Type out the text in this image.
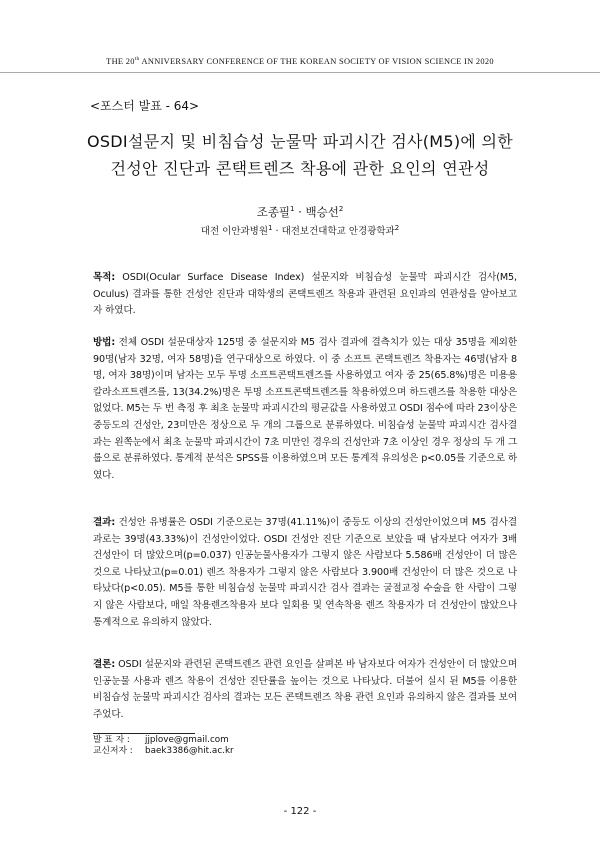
THE 20th ANNIVERSARY CONFERENCE OF THE KOREAN SOCIETY OF VISION SCIENCE IN 2020
<포스터 발표 - 64>
OSDI설문지 및 비침습성 눈물막 파괴시간 검사(M5)에 의한
건성안 진단과 콘택트렌즈 착용에 관한 요인의 연관성
조종필$^1$ · 백승선$^2$
대전 이안과병원$^1$ · 대전보건대학교 안경광학과$^2$

목적: OSDI(Ocular Surface Disease Index) 설문지와 비침습성 눈물막 파괴시간 검사(M5, Oculus) 결과를 통한 건성안 진단과 대학생의 콘택트렌즈 착용과 관련된 요인과의 연관성을 알아보고자 하였다.

방법: 전체 OSDI 설문대상자 125명 중 설문지와 M5 검사 결과에 결측치가 있는 대상 35명을 제외한 90명(남자 32명, 여자 58명)을 연구대상으로 하였다. 이 중 소프트 콘택트렌즈 착용자는 46명(남자 8명, 여자 38명)이며 남자는 모두 투명 소프트콘택트렌즈를 사용하였고 여자 중 25(65.8%)명은 미용용 칼라소프트렌즈를, 13(34.2%)명은 투명 소프트콘택트렌즈를 착용하였으며 하드렌즈를 착용한 대상은 없었다. M5는 두 번 측정 후 최초 눈물막 파괴시간의 평균값을 사용하였고 OSDI 점수에 따라 23이상은 중등도의 건성안, 23미만은 정상으로 두 개의 그룹으로 분류하였다. 비침습성 눈물막 파괴시간 검사결과는 왼쪽눈에서 최초 눈물막 파괴시간이 7초 미만인 경우의 건성안과 7초 이상인 경우 정상의 두 개 그룹으로 분류하였다. 통계적 분석은 SPSS를 이용하였으며 모든 통계적 유의성은 p<0.05를 기준으로 하였다.

결과: 건성안 유병률은 OSDI 기준으로는 37명(41.11%)이 중등도 이상의 건성안이었으며 M5 검사결과로는 39명(43.33%)이 건성안이었다. OSDI 건성안 진단 기준으로 보았을 때 남자보다 여자가 3배 건성안이 더 많았으며(p=0.037) 인공눈물사용자가 그렇지 않은 사람보다 5.586배 건성안이 더 많은 것으로 나타났고(p=0.01) 렌즈 착용자가 그렇지 않은 사람보다 3.900배 건성안이 더 많은 것으로 나타났다(p<0.05). M5를 통한 비침습성 눈물막 파괴시간 검사 결과는 굴절교정 수술을 한 사람이 그렇지 않은 사람보다, 매일 착용렌즈착용자 보다 일회용 및 연속착용 렌즈 착용자가 더 건성안이 많았으나 통계적으로 유의하지 않았다.

결론: OSDI 설문지와 관련된 콘택트렌즈 관련 요인을 살펴본 바 남자보다 여자가 건성안이 더 많았으며 인공눈물 사용과 렌즈 착용이 건성안 진단률을 높이는 것으로 나타났다. 더불어 실시 된 M5를 이용한 비침습성 눈물막 파괴시간 검사의 결과는 모든 콘택트렌즈 착용 관련 요인과 유의하지 않은 결과를 보여주었다.

발 표 자 : jjplove@gmail.com
교신저자 : baek3386@hit.ac.kr
- 122 -
